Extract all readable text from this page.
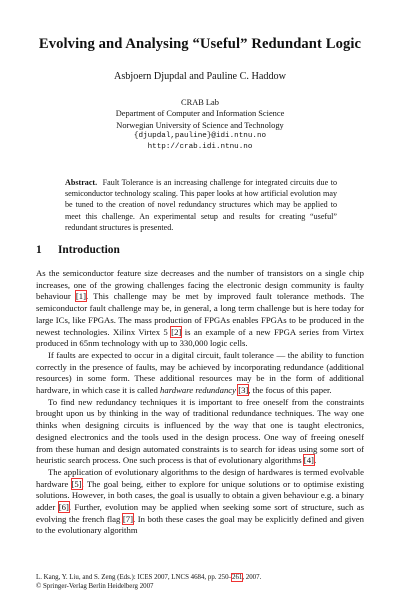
Evolving and Analysing “Useful” Redundant Logic
Asbjoern Djupdal and Pauline C. Haddow
CRAB Lab
Department of Computer and Information Science
Norwegian University of Science and Technology
{djupdal,pauline}@idi.ntnu.no
http://crab.idi.ntnu.no
Abstract. Fault Tolerance is an increasing challenge for integrated circuits due to semiconductor technology scaling. This paper looks at how artificial evolution may be tuned to the creation of novel redundancy structures which may be applied to meet this challenge. An experimental setup and results for creating “useful” redundant structures is presented.
1 Introduction

As the semiconductor feature size decreases and the number of transistors on a single chip increases, one of the growing challenges facing the electronic design community is faulty behaviour [1]. This challenge may be met by improved fault tolerance methods. The semiconductor fault challenge may be, in general, a long term challenge but is here today for large ICs, like FPGAs. The mass production of FPGAs enables FPGAs to be produced in the newest technologies. Xilinx Virtex 5 [2] is an example of a new FPGA series from Virtex produced in 65nm technology with up to 330,000 logic cells.

If faults are expected to occur in a digital circuit, fault tolerance — the ability to function correctly in the presence of faults, may be achieved by incorporating redundance (additional resources) in some form. These additional resources may be in the form of additional hardware, in which case it is called hardware redundancy [3], the focus of this paper.

To find new redundancy techniques it is important to free oneself from the constraints brought upon us by thinking in the way of traditional redundance techniques. The way one thinks when designing circuits is influenced by the way that one is taught electronics, designed electronics and the tools used in the design process. One way of freeing oneself from these human and design automated constraints is to search for ideas using some sort of heuristic search process. One such process is that of evolutionary algorithms [4].

The application of evolutionary algorithms to the design of hardwares is termed evolvable hardware [5]. The goal being, either to explore for unique solutions or to optimise existing solutions. However, in both cases, the goal is usually to obtain a given behaviour e.g. a binary adder [6]. Further, evolution may be applied when seeking some sort of structure, such as evolving the french flag [7]. In both these cases the goal may be explicitly defined and given to the evolutionary algorithm

L. Kang, Y. Liu, and S. Zeng (Eds.): ICES 2007, LNCS 4684, pp. 250–261, 2007.
© Springer-Verlag Berlin Heidelberg 2007
